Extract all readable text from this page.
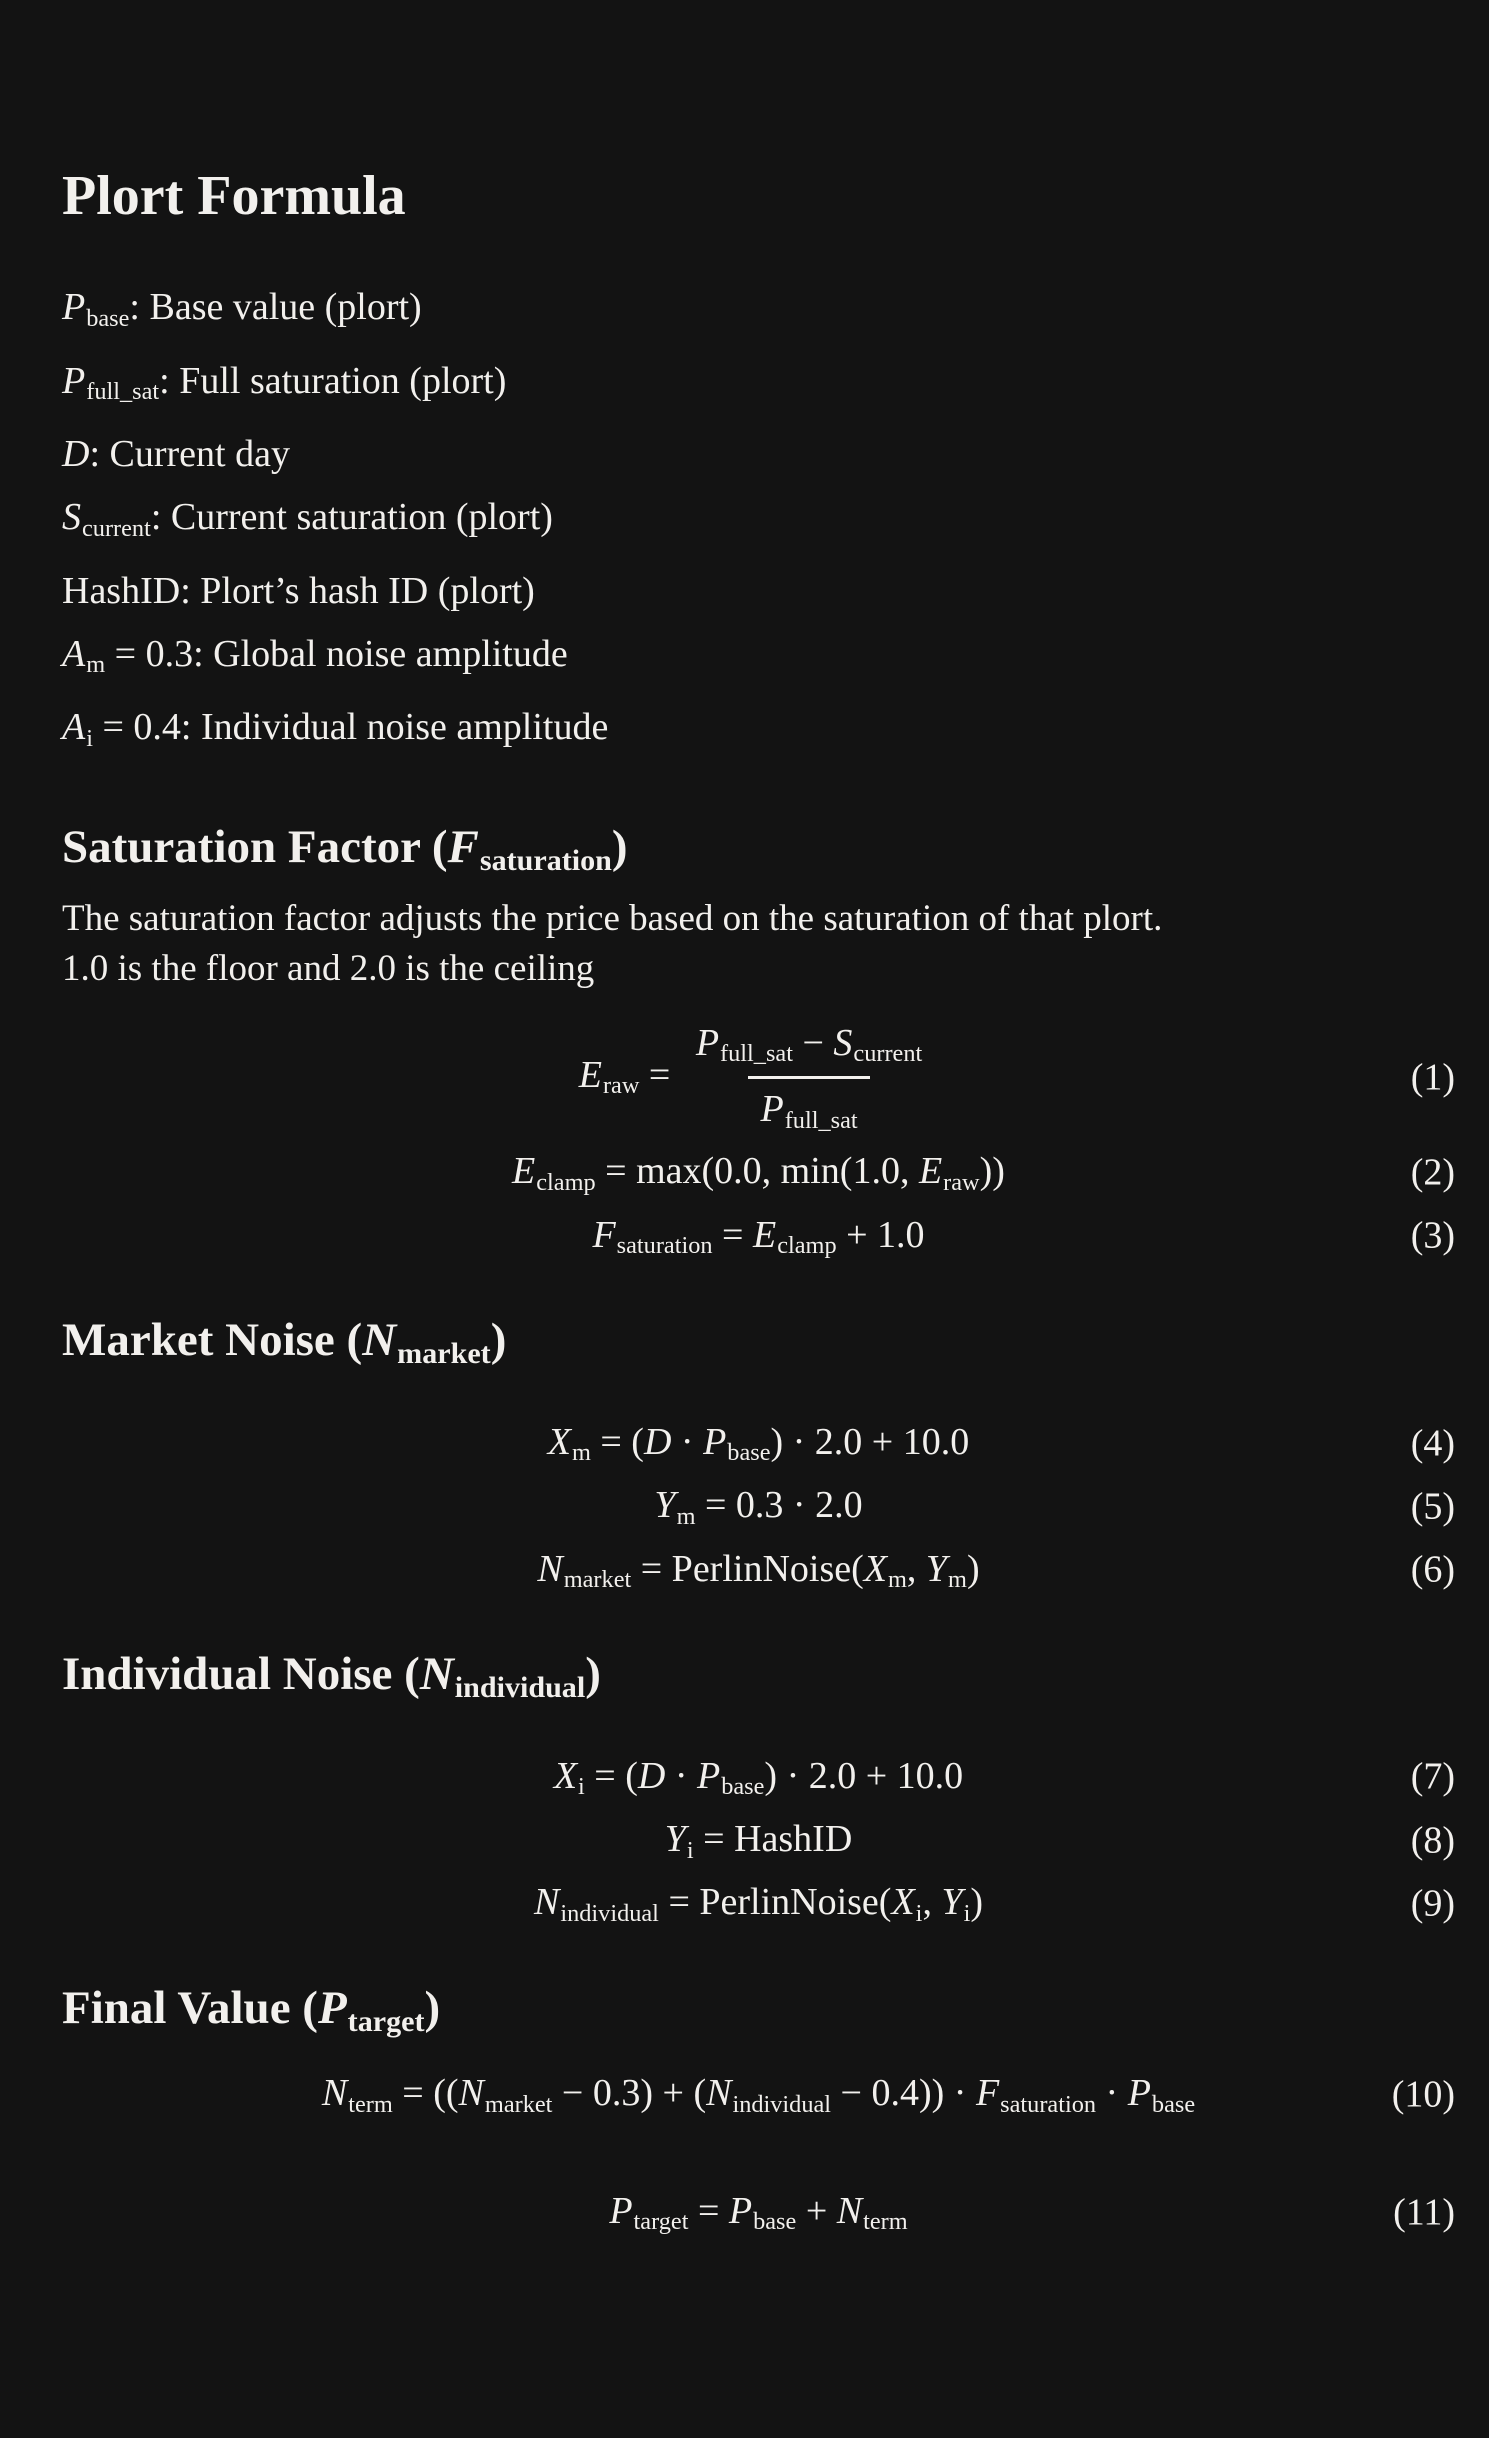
Plort Formula
$P_{base}$: Base value (plort)
$P_{full\_sat}$: Full saturation (plort)
D: Current day
$S_{current}$: Current saturation (plort)
HashID: Plort’s hash ID (plort)
$A_m = 0.3$: Global noise amplitude
$A_i = 0.4$: Individual noise amplitude
Saturation Factor $(F_{saturation})$

The saturation factor adjusts the price based on the saturation of that plort.
1.0 is the floor and 2.0 is the ceiling

$E_{raw} = \frac{P_{full\_sat} - S_{current}}{P_{full\_sat}}$	(1)
$E_{clamp} = \max(0.0$, min(1.0, $E_{raw}$))	(2)
$F_{saturation} = E_{clamp} + 1.0$	(3)
Market Noise $(N_{market})$
$X_m = (D \cdot P_{base}) \cdot 2.0 + 10.0$	(4)
$Y_m = 0.3 \cdot 2.0$	(5)
$N_{market}$ = $PerlinNoise(X_m$, $Y_m$)	(6)
Individual Noise $(N_{individual})$
$X_i = (D \cdot P_{base}) \cdot 2.0 + 10.0$	(7)
$Y_i$ = HashID	(8)
$N_{individual}$ = $PerlinNoise(X_i$, $Y_i$)	(9)
Final Value $(P_{target})$
$N_{term} = ((N_{market} - 0.3) + (N_{individual} - 0.4)) \cdot F_{saturation} \cdot P_{base}$	(10)
$P_{target} = P_{base} + N_{term}$	(11)
